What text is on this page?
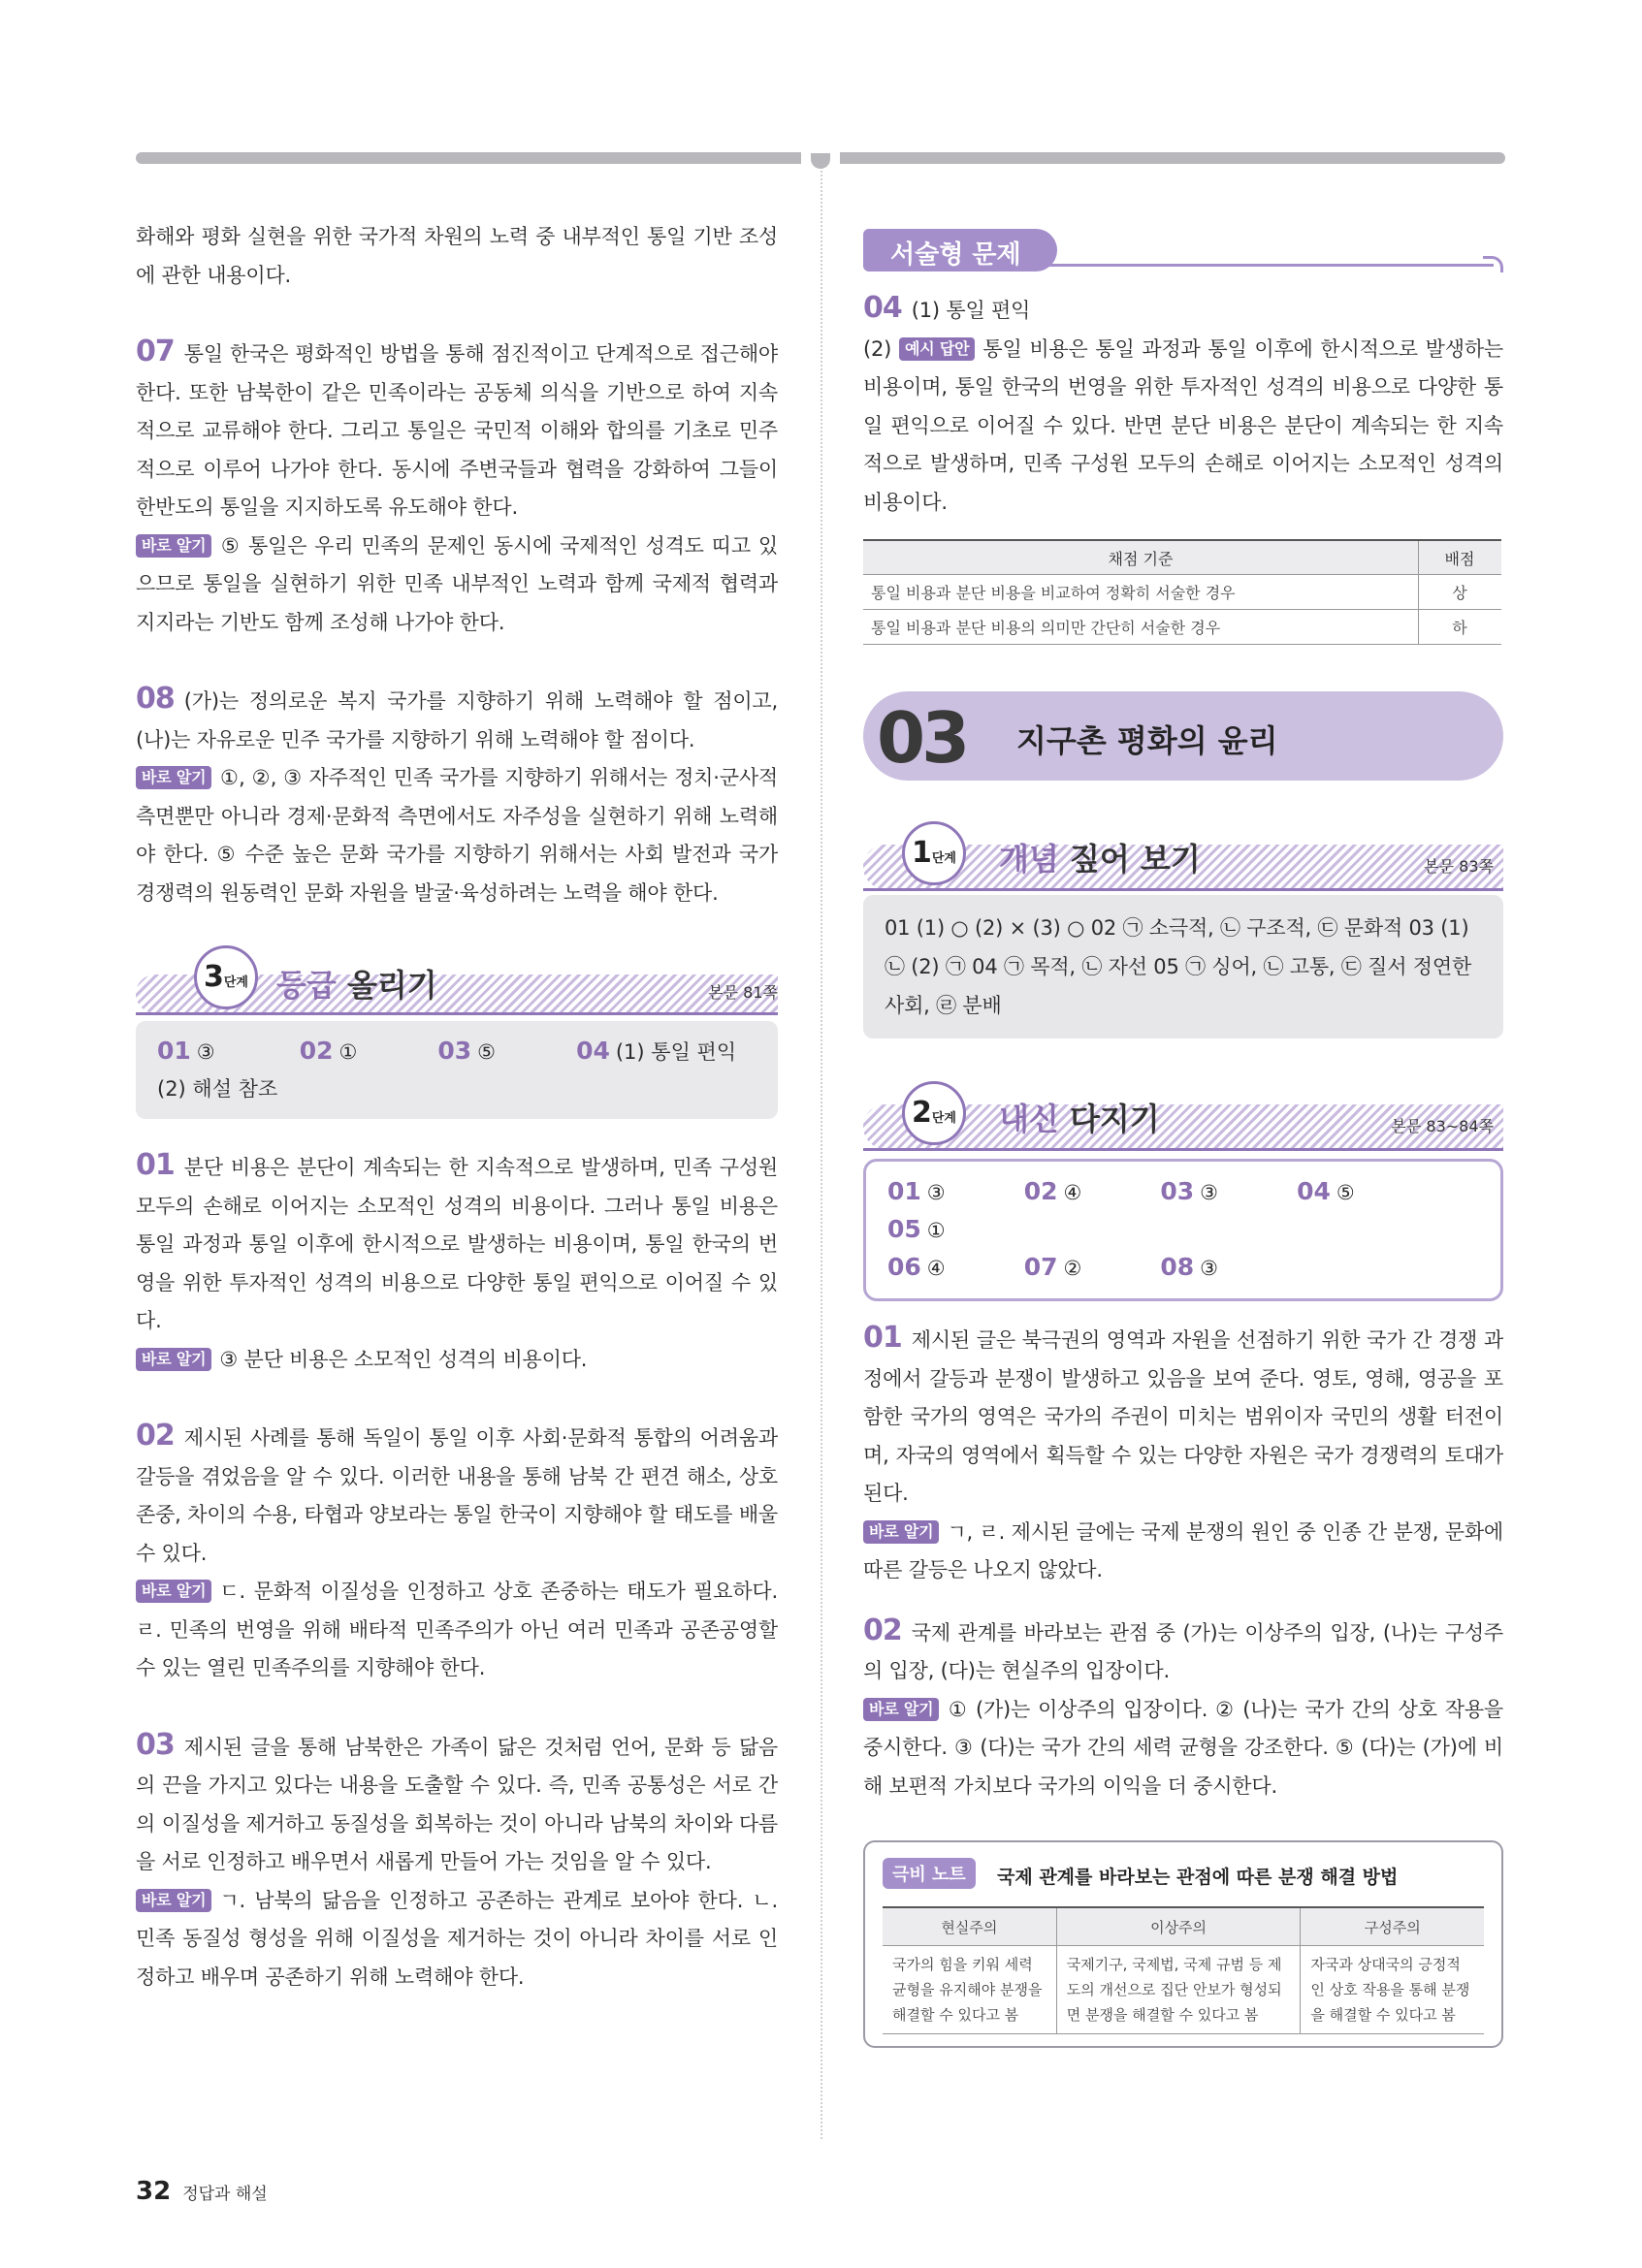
화해와 평화 실현을 위한 국가적 차원의 노력 중 내부적인 통일 기반 조성에 관한 내용이다.

07 통일 한국은 평화적인 방법을 통해 점진적이고 단계적으로 접근해야 한다. 또한 남북한이 같은 민족이라는 공동체 의식을 기반으로 하여 지속적으로 교류해야 한다. 그리고 통일은 국민적 이해와 합의를 기초로 민주적으로 이루어 나가야 한다. 동시에 주변국들과 협력을 강화하여 그들이 한반도의 통일을 지지하도록 유도해야 한다.

바로 알기 ⑤ 통일은 우리 민족의 문제인 동시에 국제적인 성격도 띠고 있으므로 통일을 실현하기 위한 민족 내부적인 노력과 함께 국제적 협력과 지지라는 기반도 함께 조성해 나가야 한다.

08 (가)는 정의로운 복지 국가를 지향하기 위해 노력해야 할 점이고, (나)는 자유로운 민주 국가를 지향하기 위해 노력해야 할 점이다.

바로 알기 ①, ②, ③ 자주적인 민족 국가를 지향하기 위해서는 정치·군사적 측면뿐만 아니라 경제·문화적 측면에서도 자주성을 실현하기 위해 노력해야 한다. ⑤ 수준 높은 문화 국가를 지향하기 위해서는 사회 발전과 국가 경쟁력의 원동력인 문화 자원을 발굴·육성하려는 노력을 해야 한다.

3단계 등급 올리기	본문 81쪽
01 ③	02 ①	03 ⑤	04 (1) 통일 편익
(2) 해설 참조

01 분단 비용은 분단이 계속되는 한 지속적으로 발생하며, 민족 구성원 모두의 손해로 이어지는 소모적인 성격의 비용이다. 그러나 통일 비용은 통일 과정과 통일 이후에 한시적으로 발생하는 비용이며, 통일 한국의 번영을 위한 투자적인 성격의 비용으로 다양한 통일 편익으로 이어질 수 있다.

바로 알기 ③ 분단 비용은 소모적인 성격의 비용이다.

02 제시된 사례를 통해 독일이 통일 이후 사회·문화적 통합의 어려움과 갈등을 겪었음을 알 수 있다. 이러한 내용을 통해 남북 간 편견 해소, 상호 존중, 차이의 수용, 타협과 양보라는 통일 한국이 지향해야 할 태도를 배울 수 있다.

바로 알기 ㄷ. 문화적 이질성을 인정하고 상호 존중하는 태도가 필요하다. ㄹ. 민족의 번영을 위해 배타적 민족주의가 아닌 여러 민족과 공존공영할 수 있는 열린 민족주의를 지향해야 한다.

03 제시된 글을 통해 남북한은 가족이 닮은 것처럼 언어, 문화 등 닮음의 끈을 가지고 있다는 내용을 도출할 수 있다. 즉, 민족 공통성은 서로 간의 이질성을 제거하고 동질성을 회복하는 것이 아니라 남북의 차이와 다름을 서로 인정하고 배우면서 새롭게 만들어 가는 것임을 알 수 있다.

바로 알기 ㄱ. 남북의 닮음을 인정하고 공존하는 관계로 보아야 한다. ㄴ. 민족 동질성 형성을 위해 이질성을 제거하는 것이 아니라 차이를 서로 인정하고 배우며 공존하기 위해 노력해야 한다.

서술형 문제

04 (1) 통일 편익

(2) 예시 답안 통일 비용은 통일 과정과 통일 이후에 한시적으로 발생하는 비용이며, 통일 한국의 번영을 위한 투자적인 성격의 비용으로 다양한 통일 편익으로 이어질 수 있다. 반면 분단 비용은 분단이 계속되는 한 지속적으로 발생하며, 민족 구성원 모두의 손해로 이어지는 소모적인 성격의 비용이다.

채점 기준	배점
통일 비용과 분단 비용을 비교하여 정확히 서술한 경우	상
통일 비용과 분단 비용의 의미만 간단히 서술한 경우	하
03 지구촌 평화의 윤리
1단계	개념 짚어 보기	본문 83쪽

01 (1) ○ (2) × (3) ○ 02 ㉠ 소극적, ㉡ 구조적, ㉢ 문화적 03 (1) ㉡ (2) ㉠ 04 ㉠ 목적, ㉡ 자선 05 ㉠ 싱어, ㉡ 고통, ㉢ 질서 정연한 사회, ㉣ 분배

2단계	내신 다지기	본문 83~84쪽
01 ③	02 ④	03 ③	04 ⑤ 05 ①
06 ④	07 ②	08 ③

01 제시된 글은 북극권의 영역과 자원을 선점하기 위한 국가 간 경쟁 과정에서 갈등과 분쟁이 발생하고 있음을 보여 준다. 영토, 영해, 영공을 포함한 국가의 영역은 국가의 주권이 미치는 범위이자 국민의 생활 터전이며, 자국의 영역에서 획득할 수 있는 다양한 자원은 국가 경쟁력의 토대가 된다.

바로 알기 ㄱ, ㄹ. 제시된 글에는 국제 분쟁의 원인 중 인종 간 분쟁, 문화에 따른 갈등은 나오지 않았다.

02 국제 관계를 바라보는 관점 중 (가)는 이상주의 입장, (나)는 구성주의 입장, (다)는 현실주의 입장이다.

바로 알기 ① (가)는 이상주의 입장이다. ② (나)는 국가 간의 상호 작용을 중시한다. ③ (다)는 국가 간의 세력 균형을 강조한다. ⑤ (다)는 (가)에 비해 보편적 가치보다 국가의 이익을 더 중시한다.

극비 노트	국제 관계를 바라보는 관점에 따른 분쟁 해결 방법
현실주의	이상주의	구성주의
국가의 힘을 키워 세력 균형을 유지해야 분쟁을 해결할 수 있다고 봄	국제기구, 국제법, 국제 규범 등 제도의 개선으로 집단 안보가 형성되면 분쟁을 해결할 수 있다고 봄	자국과 상대국의 긍정적인 상호 작용을 통해 분쟁을 해결할 수 있다고 봄
32 정답과 해설
